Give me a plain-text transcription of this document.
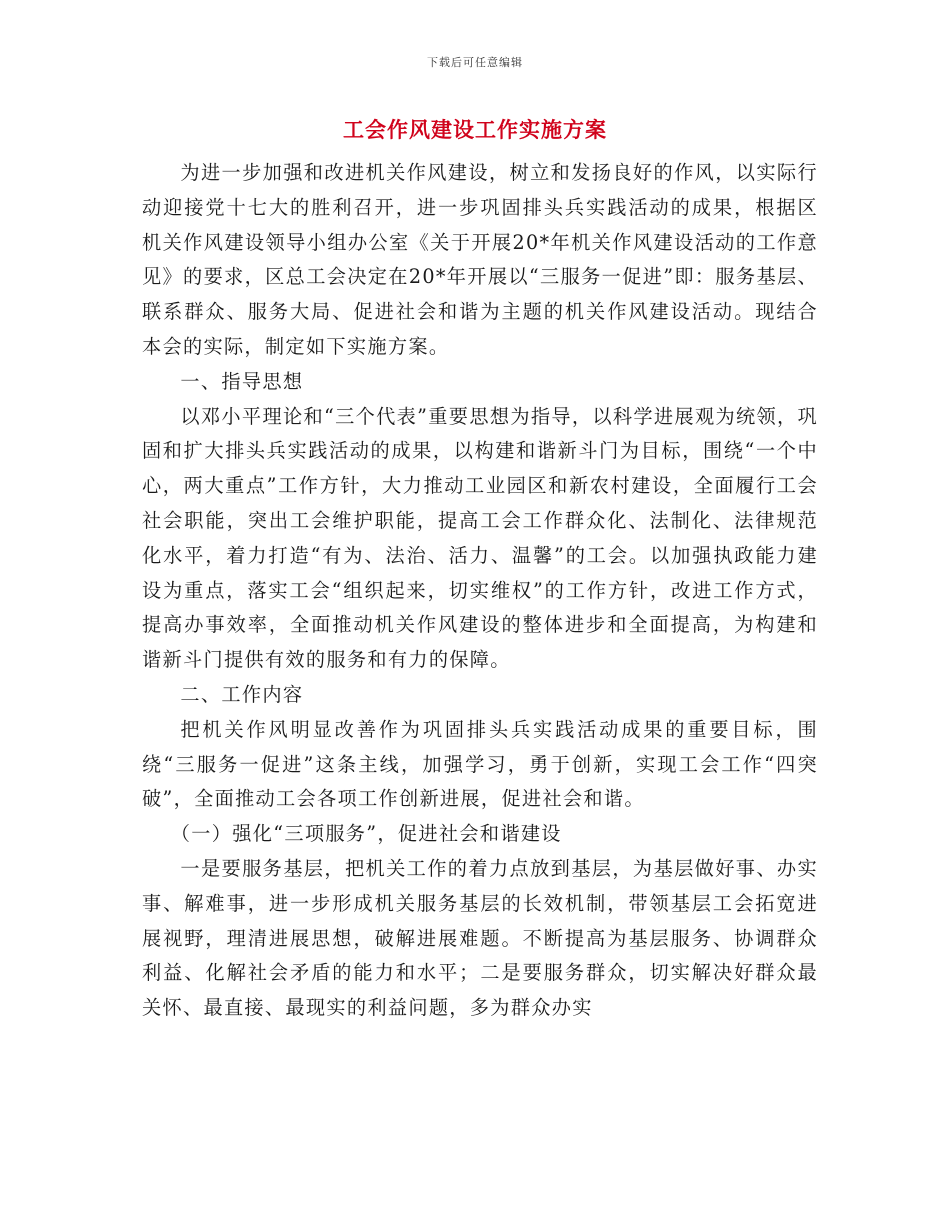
下载后可任意编辑
工会作风建设工作实施方案

为进一步加强和改进机关作风建设，树立和发扬良好的作风，以实际行动迎接党十七大的胜利召开，进一步巩固排头兵实践活动的成果，根据区机关作风建设领导小组办公室《关于开展20*年机关作风建设活动的工作意见》的要求，区总工会决定在20*年开展以“三服务一促进”即：服务基层、联系群众、服务大局、促进社会和谐为主题的机关作风建设活动。现结合本会的实际，制定如下实施方案。

一、指导思想

以邓小平理论和“三个代表”重要思想为指导，以科学进展观为统领，巩固和扩大排头兵实践活动的成果，以构建和谐新斗门为目标，围绕“一个中心，两大重点”工作方针，大力推动工业园区和新农村建设，全面履行工会社会职能，突出工会维护职能，提高工会工作群众化、法制化、法律规范化水平，着力打造“有为、法治、活力、温馨”的工会。以加强执政能力建设为重点，落实工会“组织起来，切实维权”的工作方针，改进工作方式，提高办事效率，全面推动机关作风建设的整体进步和全面提高，为构建和谐新斗门提供有效的服务和有力的保障。

二、工作内容

把机关作风明显改善作为巩固排头兵实践活动成果的重要目标，围绕“三服务一促进”这条主线，加强学习，勇于创新，实现工会工作“四突破”，全面推动工会各项工作创新进展，促进社会和谐。

（一）强化“三项服务”，促进社会和谐建设

一是要服务基层，把机关工作的着力点放到基层，为基层做好事、办实事、解难事，进一步形成机关服务基层的长效机制，带领基层工会拓宽进展视野，理清进展思想，破解进展难题。不断提高为基层服务、协调群众利益、化解社会矛盾的能力和水平；二是要服务群众，切实解决好群众最关怀、最直接、最现实的利益问题，多为群众办实
